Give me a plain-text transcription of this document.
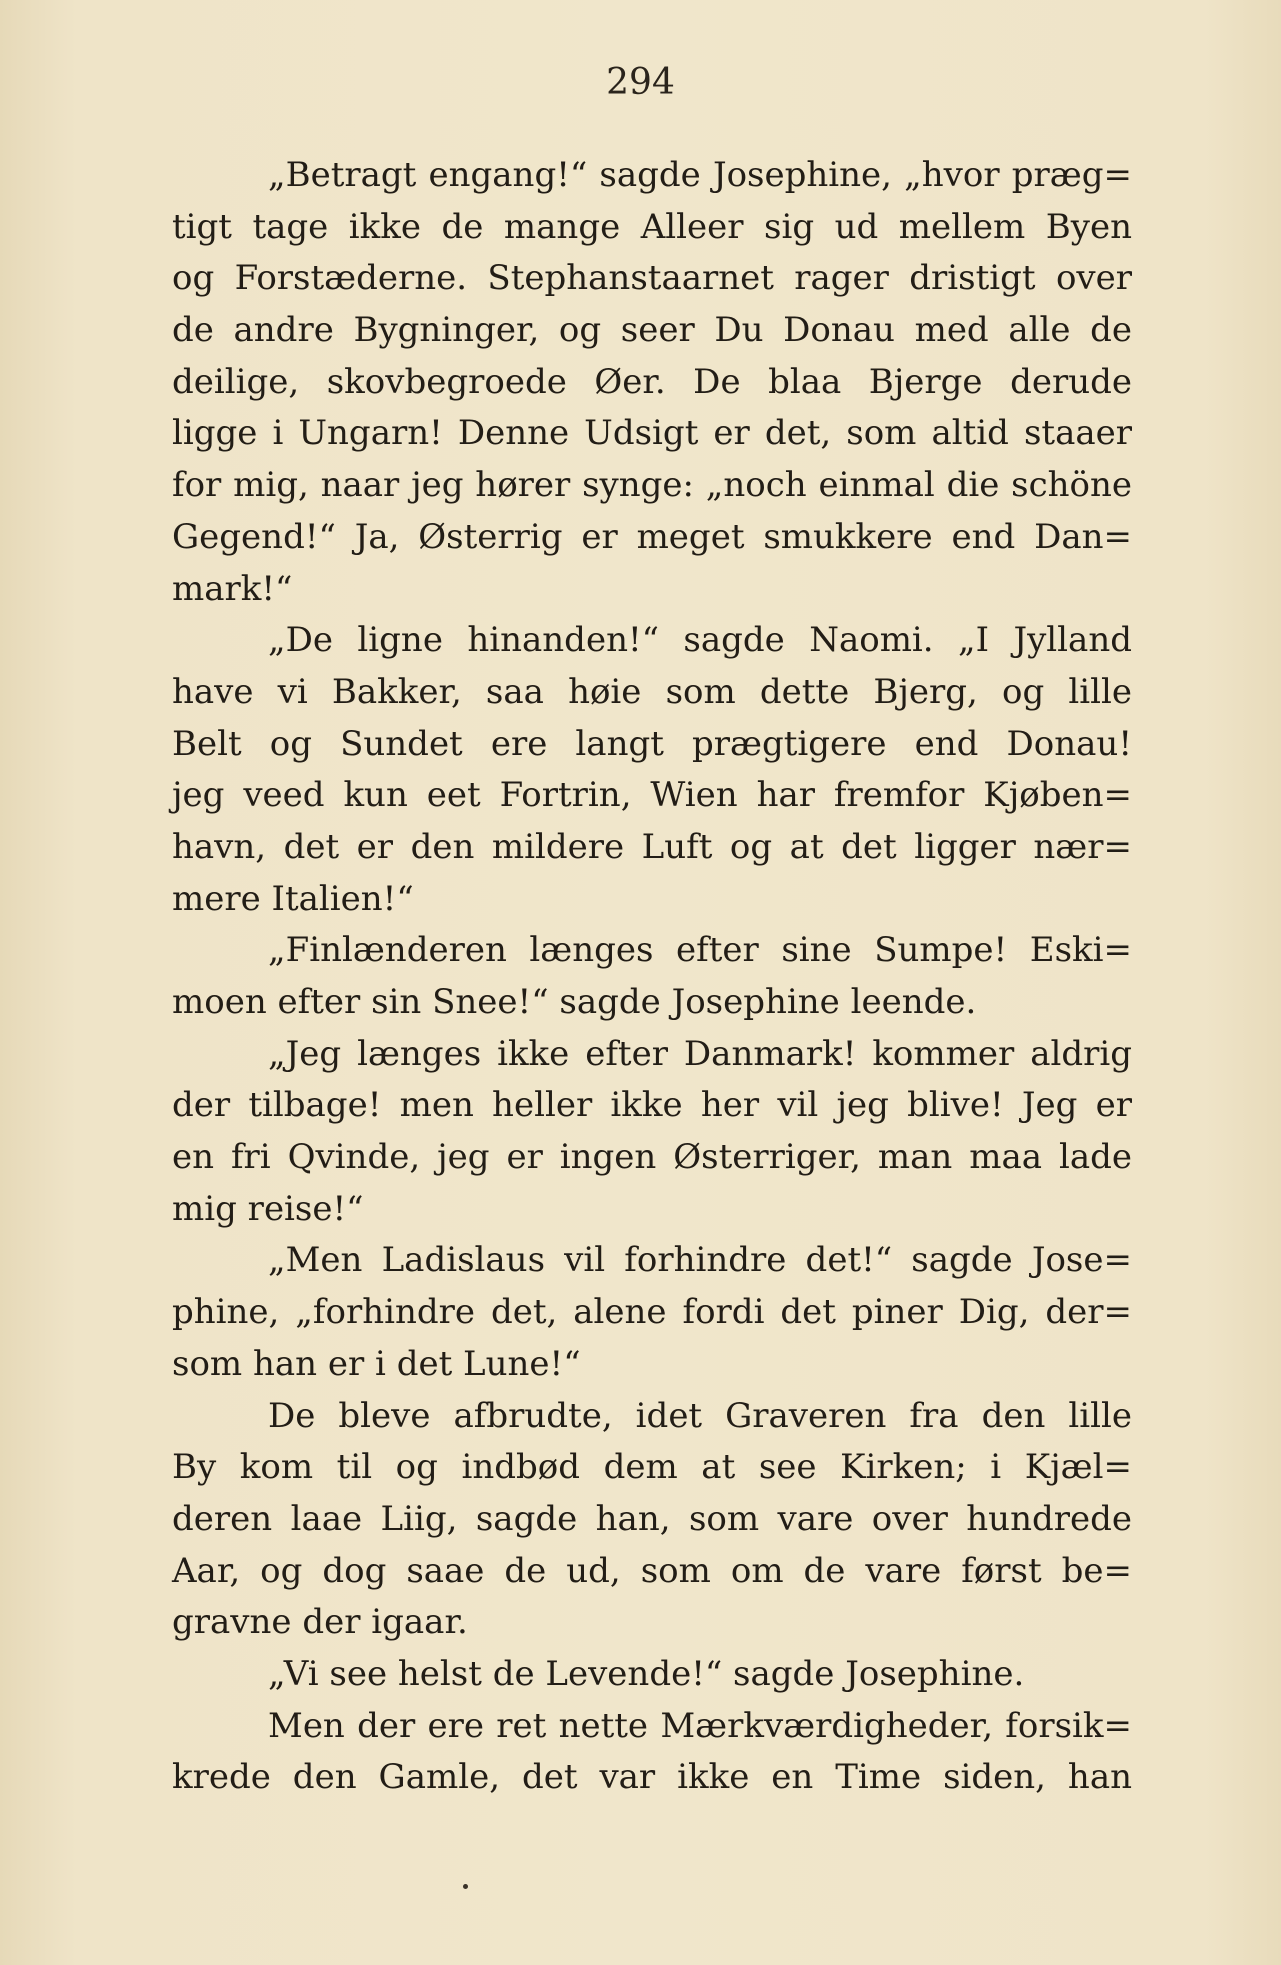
294
„Betragt engang!“ sagde Josephine, „hvor præg=
tigt tage ikke de mange Alleer sig ud mellem Byen
og Forstæderne. Stephanstaarnet rager dristigt over
de andre Bygninger, og seer Du Donau med alle de
deilige, skovbegroede Øer. De blaa Bjerge derude
ligge i Ungarn! Denne Udsigt er det, som altid staaer
for mig, naar jeg hører synge: „noch einmal die schöne
Gegend!“ Ja, Østerrig er meget smukkere end Dan=
mark!“
„De ligne hinanden!“ sagde Naomi. „I Jylland
have vi Bakker, saa høie som dette Bjerg, og lille
Belt og Sundet ere langt prægtigere end Donau!
jeg veed kun eet Fortrin, Wien har fremfor Kjøben=
havn, det er den mildere Luft og at det ligger nær=
mere Italien!“
„Finlænderen længes efter sine Sumpe! Eski=
moen efter sin Snee!“ sagde Josephine leende.
„Jeg længes ikke efter Danmark! kommer aldrig
der tilbage! men heller ikke her vil jeg blive! Jeg er
en fri Qvinde, jeg er ingen Østerriger, man maa lade
mig reise!“
„Men Ladislaus vil forhindre det!“ sagde Jose=
phine, „forhindre det, alene fordi det piner Dig, der=
som han er i det Lune!“
De bleve afbrudte, idet Graveren fra den lille
By kom til og indbød dem at see Kirken; i Kjæl=
deren laae Liig, sagde han, som vare over hundrede
Aar, og dog saae de ud, som om de vare først be=
gravne der igaar.
„Vi see helst de Levende!“ sagde Josephine.
Men der ere ret nette Mærkværdigheder, forsik=
krede den Gamle, det var ikke en Time siden, han
